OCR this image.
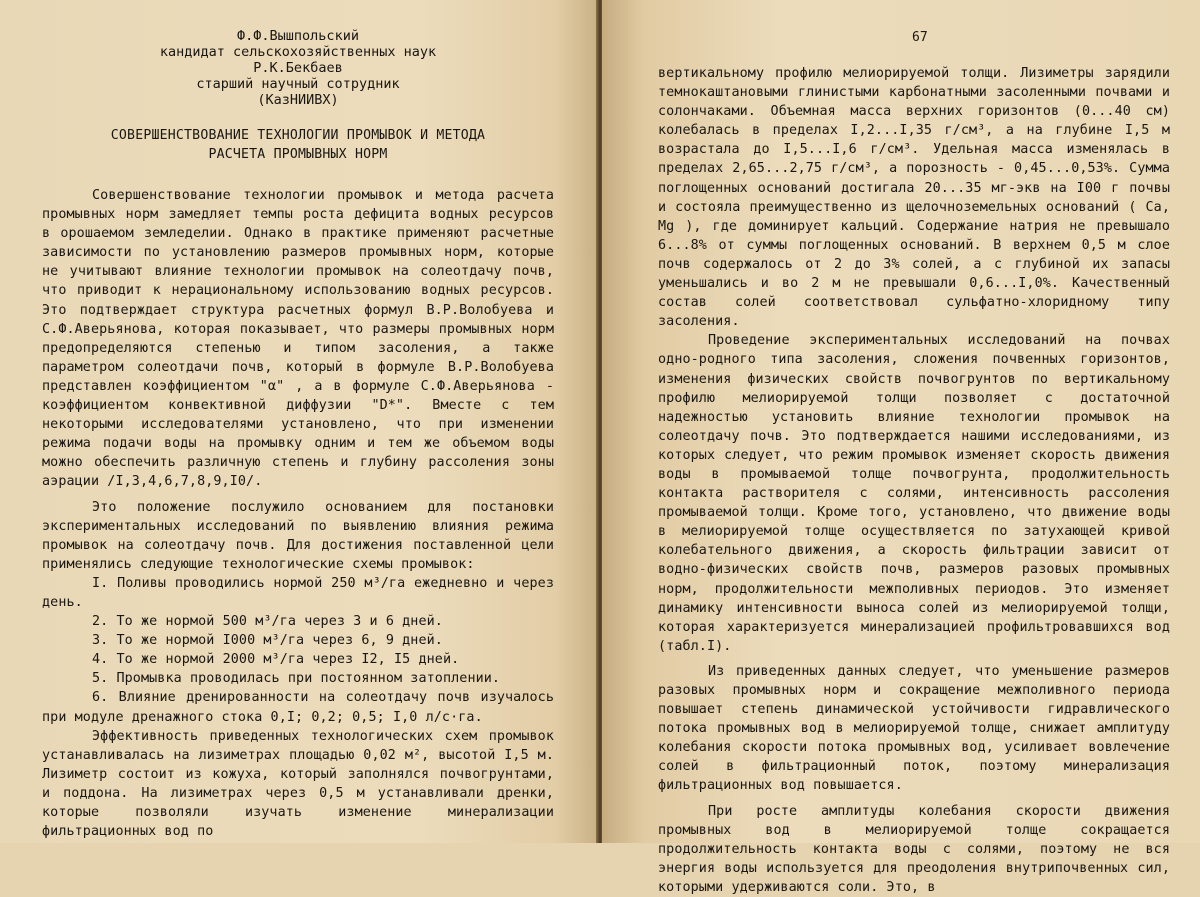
Ф.Ф.Вышпольский

кандидат сельскохозяйственных наук

Р.К.Бекбаев

старший научный сотрудник

(КазНИИВХ)

СОВЕРШЕНСТВОВАНИЕ ТЕХНОЛОГИИ ПРОМЫВОК И МЕТОДА
РАСЧЕТА ПРОМЫВНЫХ НОРМ

Совершенствование технологии промывок и метода расчета промывных норм замедляет темпы роста дефицита водных ресурсов в орошаемом земледелии. Однако в практике применяют расчетные зависимости по установлению размеров промывных норм, которые не учитывают влияние технологии промывок на солеотдачу почв, что приводит к нерациональному использованию водных ресурсов. Это подтверждает структура расчетных формул В.Р.Волобуева и С.Ф.Аверьянова, которая показывает, что размеры промывных норм предопределяются степенью и типом засоления, а также параметром солеотдачи почв, который в формуле В.Р.Волобуева представлен коэффициентом "α" , а в формуле С.Ф.Аверьянова - коэффициентом конвективной диффузии "D*". Вместе с тем некоторыми исследователями установлено, что при изменении режима подачи воды на промывку одним и тем же объемом воды можно обеспечить различную степень и глубину рассоления зоны аэрации /I,3,4,6,7,8,9,I0/.

Это положение послужило основанием для постановки экспериментальных исследований по выявлению влияния режима промывок на солеотдачу почв. Для достижения поставленной цели применялись следующие технологические схемы промывок:

I. Поливы проводились нормой 250 м³/га ежедневно и через день.

2. То же нормой 500 м³/га через 3 и 6 дней.

3. То же нормой I000 м³/га через 6, 9 дней.

4. То же нормой 2000 м³/га через I2, I5 дней.

5. Промывка проводилась при постоянном затоплении.

6. Влияние дренированности на солеотдачу почв изучалось при модуле дренажного стока 0,I; 0,2; 0,5; I,0 л/с·га.

Эффективность приведенных технологических схем промывок устанавливалась на лизиметрах площадью 0,02 м², высотой I,5 м. Лизиметр состоит из кожуха, который заполнялся почвогрунтами, и поддона. На лизиметрах через 0,5 м устанавливали дренки, которые позволяли изучать изменение минерализации фильтрационных вод по

67

вертикальному профилю мелиорируемой толщи. Лизиметры зарядили темнокаштановыми глинистыми карбонатными засоленными почвами и солончаками. Объемная масса верхних горизонтов (0...40 см) колебалась в пределах I,2...I,35 г/см³, а на глубине I,5 м возрастала до I,5...I,6 г/см³. Удельная масса изменялась в пределах 2,65...2,75 г/см³, а порозность - 0,45...0,53%. Сумма поглощенных оснований достигала 20...35 мг-экв на I00 г почвы и состояла преимущественно из щелочноземельных оснований ( Ca, Mg ), где доминирует кальций. Содержание натрия не превышало 6...8% от суммы поглощенных оснований. В верхнем 0,5 м слое почв содержалось от 2 до 3% солей, а с глубиной их запасы уменьшались и во 2 м не превышали 0,6...I,0%. Качественный состав солей соответствовал сульфатно-хлоридному типу засоления.

Проведение экспериментальных исследований на почвах одно-родного типа засоления, сложения почвенных горизонтов, изменения физических свойств почвогрунтов по вертикальному профилю мелиорируемой толщи позволяет с достаточной надежностью установить влияние технологии промывок на солеотдачу почв. Это подтверждается нашими исследованиями, из которых следует, что режим промывок изменяет скорость движения воды в промываемой толще почвогрунта, продолжительность контакта растворителя с солями, интенсивность рассоления промываемой толщи. Кроме того, установлено, что движение воды в мелиорируемой толще осуществляется по затухающей кривой колебательного движения, а скорость фильтрации зависит от водно-физических свойств почв, размеров разовых промывных норм, продолжительности межполивных периодов. Это изменяет динамику интенсивности выноса солей из мелиорируемой толщи, которая характеризуется минерализацией профильтровавшихся вод (табл.I).

Из приведенных данных следует, что уменьшение размеров разовых промывных норм и сокращение межполивного периода повышает степень динамической устойчивости гидравлического потока промывных вод в мелиорируемой толще, снижает амплитуду колебания скорости потока промывных вод, усиливает вовлечение солей в фильтрационный поток, поэтому минерализация фильтрационных вод повышается.

При росте амплитуды колебания скорости движения промывных вод в мелиорируемой толще сокращается продолжительность контакта воды с солями, поэтому не вся энергия воды используется для преодоления внутрипочвенных сил, которыми удерживаются соли. Это, в
